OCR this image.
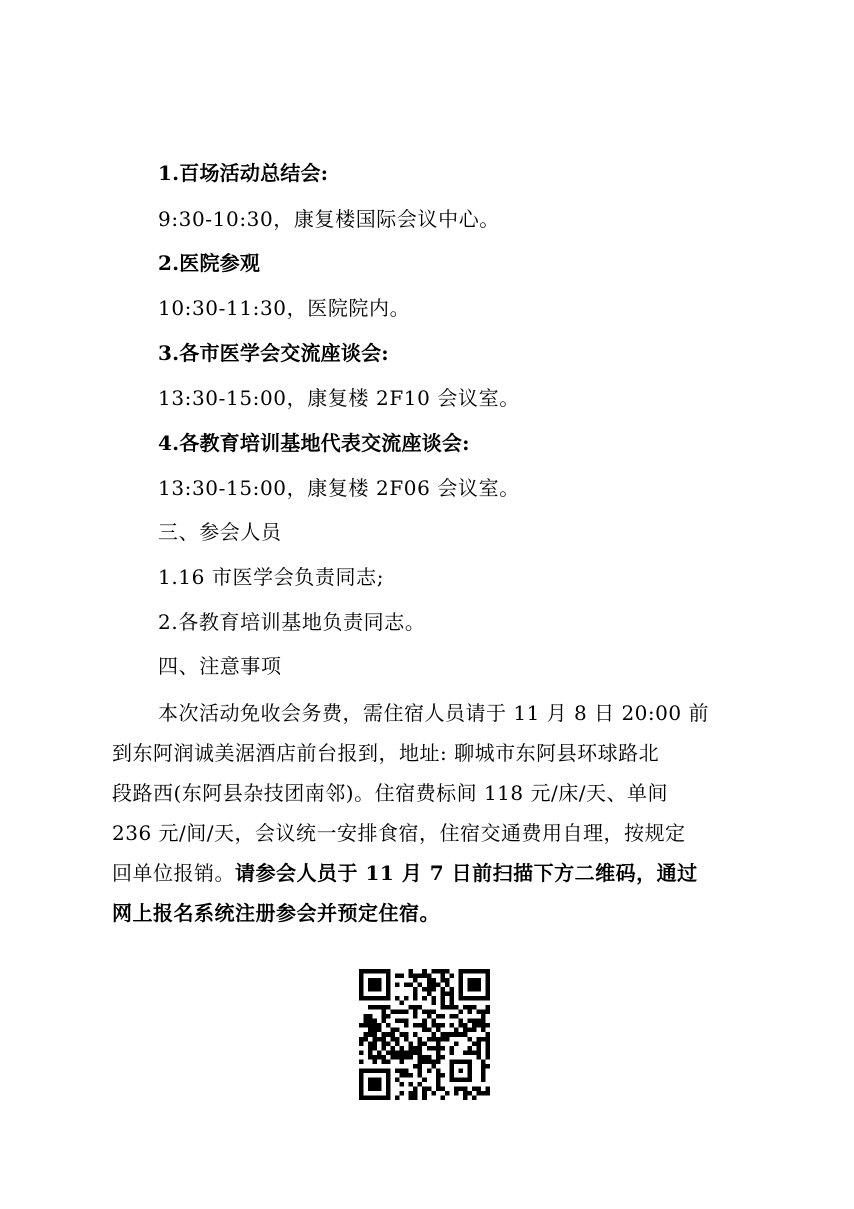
1.百场活动总结会:
9:30-10:30，康复楼国际会议中心。
2.医院参观
10:30-11:30，医院院内。
3.各市医学会交流座谈会:
13:30-15:00，康复楼 2F10 会议室。
4.各教育培训基地代表交流座谈会:
13:30-15:00，康复楼 2F06 会议室。
三、参会人员
1.16 市医学会负责同志;
2.各教育培训基地负责同志。
四、注意事项
本次活动免收会务费，需住宿人员请于 11 月 8 日 20:00 前
到东阿润诚美涺酒店前台报到，地址: 聊城市东阿县环球路北
段路西(东阿县杂技团南邻)。住宿费标间 118 元/床/天、单间
236 元/间/天，会议统一安排食宿，住宿交通费用自理，按规定
回单位报销。请参会人员于 11 月 7 日前扫描下方二维码，通过
网上报名系统注册参会并预定住宿。
